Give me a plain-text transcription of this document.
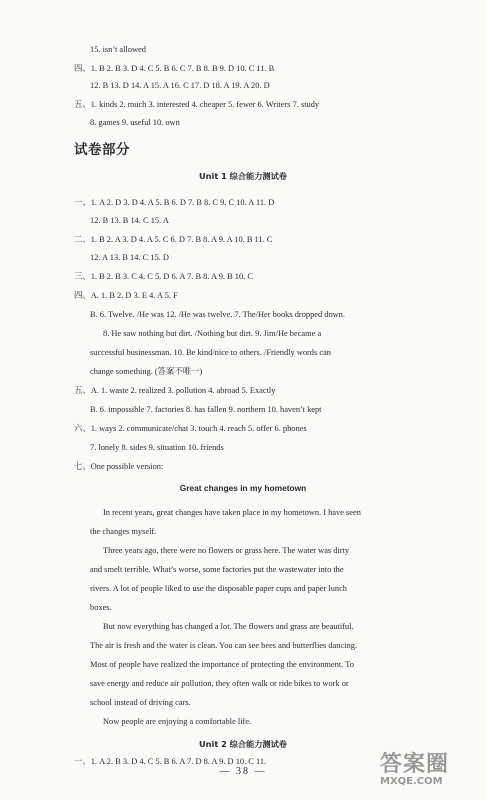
15. isn’t allowed
四、1. B 2. B 3. D 4. C 5. B 6. C 7. B 8. B 9. D 10. C 11. B
12. B 13. D 14. A 15. A 16. C 17. D 18. A 19. A 20. D
五、1. kinds 2. much 3. interested 4. cheaper 5. fewer 6. Writers 7. study
8. games 9. useful 10. own
一、1. A 2. D 3. D 4. A 5. B 6. D 7. B 8. C 9. C 10. A 11. D
12. B 13. B 14. C 15. A
二、1. B 2. A 3. D 4. A 5. C 6. D 7. B 8. A 9. A 10. B 11. C
12. A 13. B 14. C 15. D
三、1. B 2. B 3. C 4. C 5. D 6. A 7. B 8. A 9. B 10. C
四、A. 1. B 2. D 3. E 4. A 5. F
B. 6. Twelve. /He was 12. /He was twelve. 7. The/Her books dropped down.
8. He saw nothing but dirt. /Nothing but dirt. 9. Jim/He became a
successful businessman. 10. Be kind/nice to others. /Friendly words can
change something. (答案不唯一)
五、A. 1. waste 2. realized 3. pollution 4. abroad 5. Exactly
B. 6. impossible 7. factories 8. has fallen 9. northern 10. haven’t kept
六、1. ways 2. communicate/chat 3. touch 4. reach 5. offer 6. phones
7. lonely 8. sides 9. situation 10. friends
七、One possible version:
In recent years, great changes have taken place in my hometown. I have seen
the changes myself.
Three years ago, there were no flowers or grass here. The water was dirty
and smelt terrible. What’s worse, some factories put the wastewater into the
rivers. A lot of people liked to use the disposable paper cups and paper lunch
boxes.
But now everything has changed a lot. The flowers and grass are beautiful.
The air is fresh and the water is clean. You can see bees and butterflies dancing.
Most of people have realized the importance of protecting the environment. To
save energy and reduce air pollution, they often walk or ride bikes to work or
school instead of driving cars.
Now people are enjoying a comfortable life.
一、1. A 2. B 3. D 4. C 5. B 6. A 7. D 8. A 9. D 10. C 11.
试卷部分
Unit 1 综合能力测试卷
Great changes in my hometown
Unit 2 综合能力测试卷
— 38 —	答案圈
MXQE.COM
